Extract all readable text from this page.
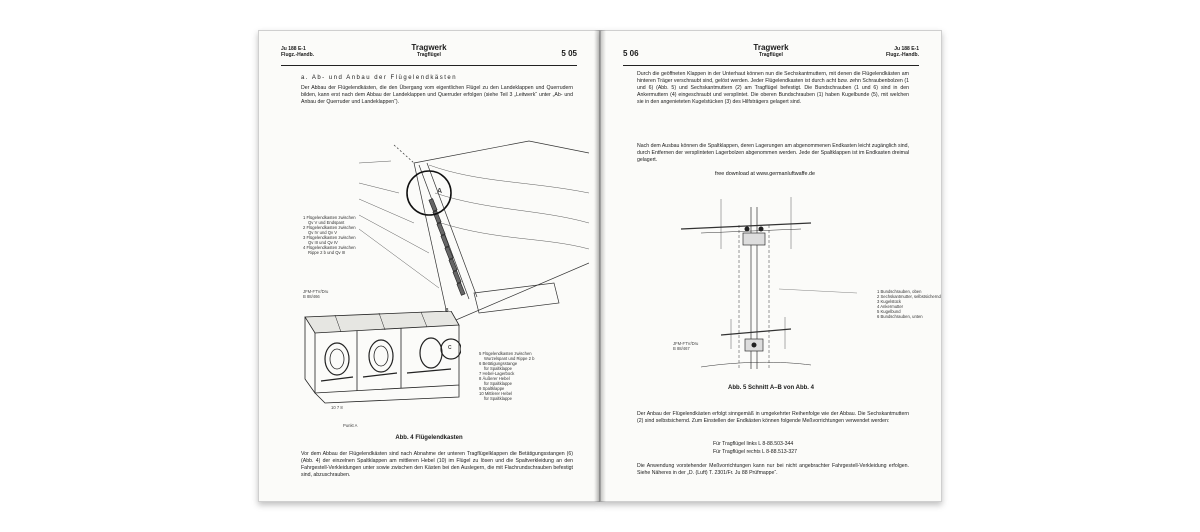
Ju 188 E-1
Flugz.-Handb.
Tragwerk
Tragflügel	5 05
a. Ab- und Anbau der Flügelendkästen
Der Abbau der Flügelendkästen, die den Übergang vom eigentlichen Flügel zu den Landeklappen und Querrudern bilden, kann erst nach dem Abbau der Landeklappen und Querruder erfolgen (siehe Teil 3 „Leitwerk“ unter „Ab- und Anbau der Querruder und Landeklappen“).
A
1 Flügelendkasten zwischen
Qv V und Endspant
2 Flügelendkasten zwischen
Qv IV und Qv V
3 Flügelendkasten zwischen
Qv III und Qv IV
4 Flügelendkasten zwischen
Rippe 2 b und Qv III
JFM-FTV/Dru
B 88/466
B
C
10 7 8
5 Flügelendkasten zwischen
Wurzelspant und Rippe 2 b
6 Betätigungsstange
für Spaltklappe
7 Hebel-Lagerbock
8 Äußerer Hebel
für Spaltklappe
9 Spaltklappe
10 Mittlerer Hebel
für Spaltklappe
Punkt A
Abb. 4 Flügelendkasten
Vor dem Abbau der Flügelendkästen sind nach Abnahme der unteren Tragflügelklappen die Betätigungsstangen (6) (Abb. 4) der einzelnen Spaltklappen am mittleren Hebel (10) im Flügel zu lösen und die Spaltverkleidung an den Fahrgestell-Verkleidungen unter sowie zwischen den Kästen bei den Auslegern, die mit Flachrundschrauben befestigt sind, abzuschrauben.
5 06
Tragwerk
Tragflügel
Ju 188 E-1
Flugz.-Handb.
Durch die geöffneten Klappen in der Unterhaut können nun die Sechskantmuttern, mit denen die Flügelendkästen am hinteren Träger verschraubt sind, gelöst werden. Jeder Flügelendkasten ist durch acht bzw. zehn Schraubenbolzen (1 und 6) (Abb. 5) und Sechskantmuttern (2) am Tragflügel befestigt. Die Bundschrauben (1 und 6) sind in den Ankermuttern (4) eingeschraubt und versplintet. Die oberen Bundschrauben (1) haben Kugelbunde (5), mit welchen sie in den angenieteten Kugelstücken (3) des Hilfsträgers gelagert sind.
Nach dem Ausbau können die Spaltklappen, deren Lagerungen am abgenommenen Endkasten leicht zugänglich sind, durch Entfernen der versplinteten Lagerbolzen abgenommen werden. Jede der Spaltklappen ist im Endkasten dreimal gelagert.
free download at www.germanluftwaffe.de
1 Bundschrauben, oben
2 Sechskantmutter, selbstsichernd
3 Kugelstück
4 Ankermutter
5 Kugelbund
6 Bundschrauben, unten
JFM-FTV/Dru
B 88/467
Abb. 5 Schnitt A–B von Abb. 4
Der Anbau der Flügelendkästen erfolgt sinngemäß in umgekehrter Reihenfolge wie der Abbau. Die Sechskantmuttern (2) sind selbstsichernd. Zum Einstellen der Endkästen können folgende Meßvorrichtungen verwendet werden:
Für Tragflügel links L 8-88.503-344
Für Tragflügel rechts L 8-88.513-327
Die Anwendung vorstehender Meßvorrichtungen kann nur bei nicht angebrachter Fahrgestell-Verkleidung erfolgen. Siehe Näheres in der „D. (Luft) T. 2301/Fr. Ju 88 Prüfmappe“.
